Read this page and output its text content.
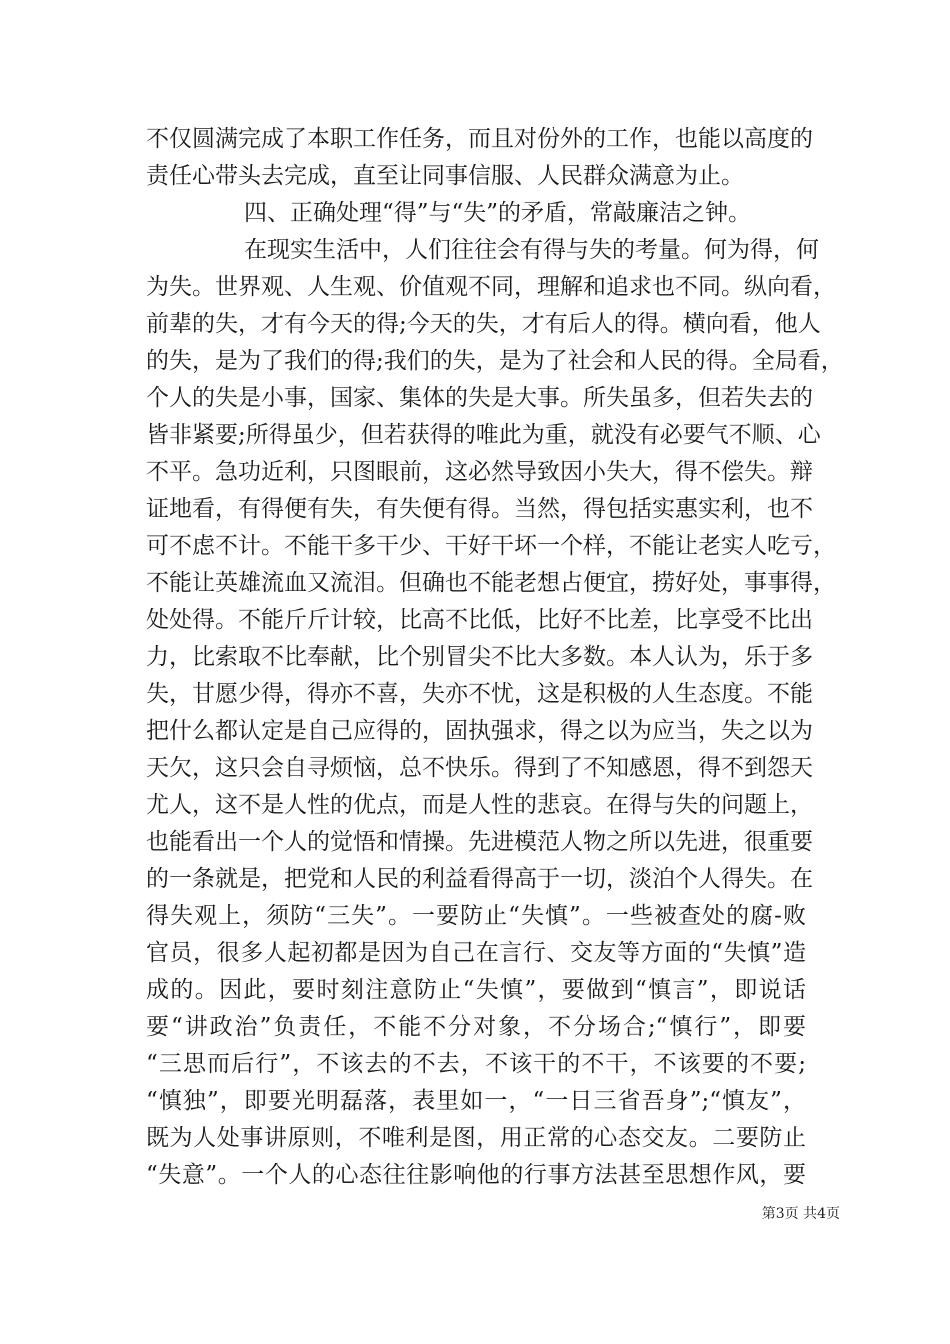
不仅圆满完成了本职工作任务，而且对份外的工作，也能以高度的
责任心带头去完成，直至让同事信服、人民群众满意为止。
四、正确处理“得”与“失”的矛盾，常敲廉洁之钟。
在现实生活中，人们往往会有得与失的考量。何为得，何
为失。世界观、人生观、价值观不同，理解和追求也不同。纵向看，
前辈的失，才有今天的得;今天的失，才有后人的得。横向看，他人
的失，是为了我们的得;我们的失，是为了社会和人民的得。全局看，
个人的失是小事，国家、集体的失是大事。所失虽多，但若失去的
皆非紧要;所得虽少，但若获得的唯此为重，就没有必要气不顺、心
不平。急功近利，只图眼前，这必然导致因小失大，得不偿失。辩
证地看，有得便有失，有失便有得。当然，得包括实惠实利，也不
可不虑不计。不能干多干少、干好干坏一个样，不能让老实人吃亏，
不能让英雄流血又流泪。但确也不能老想占便宜，捞好处，事事得，
处处得。不能斤斤计较，比高不比低，比好不比差，比享受不比出
力，比索取不比奉献，比个别冒尖不比大多数。本人认为，乐于多
失，甘愿少得，得亦不喜，失亦不忧，这是积极的人生态度。不能
把什么都认定是自己应得的，固执强求，得之以为应当，失之以为
天欠，这只会自寻烦恼，总不快乐。得到了不知感恩，得不到怨天
尤人，这不是人性的优点，而是人性的悲哀。在得与失的问题上，
也能看出一个人的觉悟和情操。先进模范人物之所以先进，很重要
的一条就是，把党和人民的利益看得高于一切，淡泊个人得失。在
得失观上，须防“三失”。一要防止“失慎”。一些被查处的腐-败
官员，很多人起初都是因为自己在言行、交友等方面的“失慎”造
成的。因此，要时刻注意防止“失慎”，要做到“慎言”，即说话
要“讲政治”负责任，不能不分对象，不分场合;“慎行”，即要
“三思而后行”，不该去的不去，不该干的不干，不该要的不要;
“慎独”，即要光明磊落，表里如一，“一日三省吾身”;“慎友”，
既为人处事讲原则，不唯利是图，用正常的心态交友。二要防止
“失意”。一个人的心态往往影响他的行事方法甚至思想作风，要
第3页 共4页
